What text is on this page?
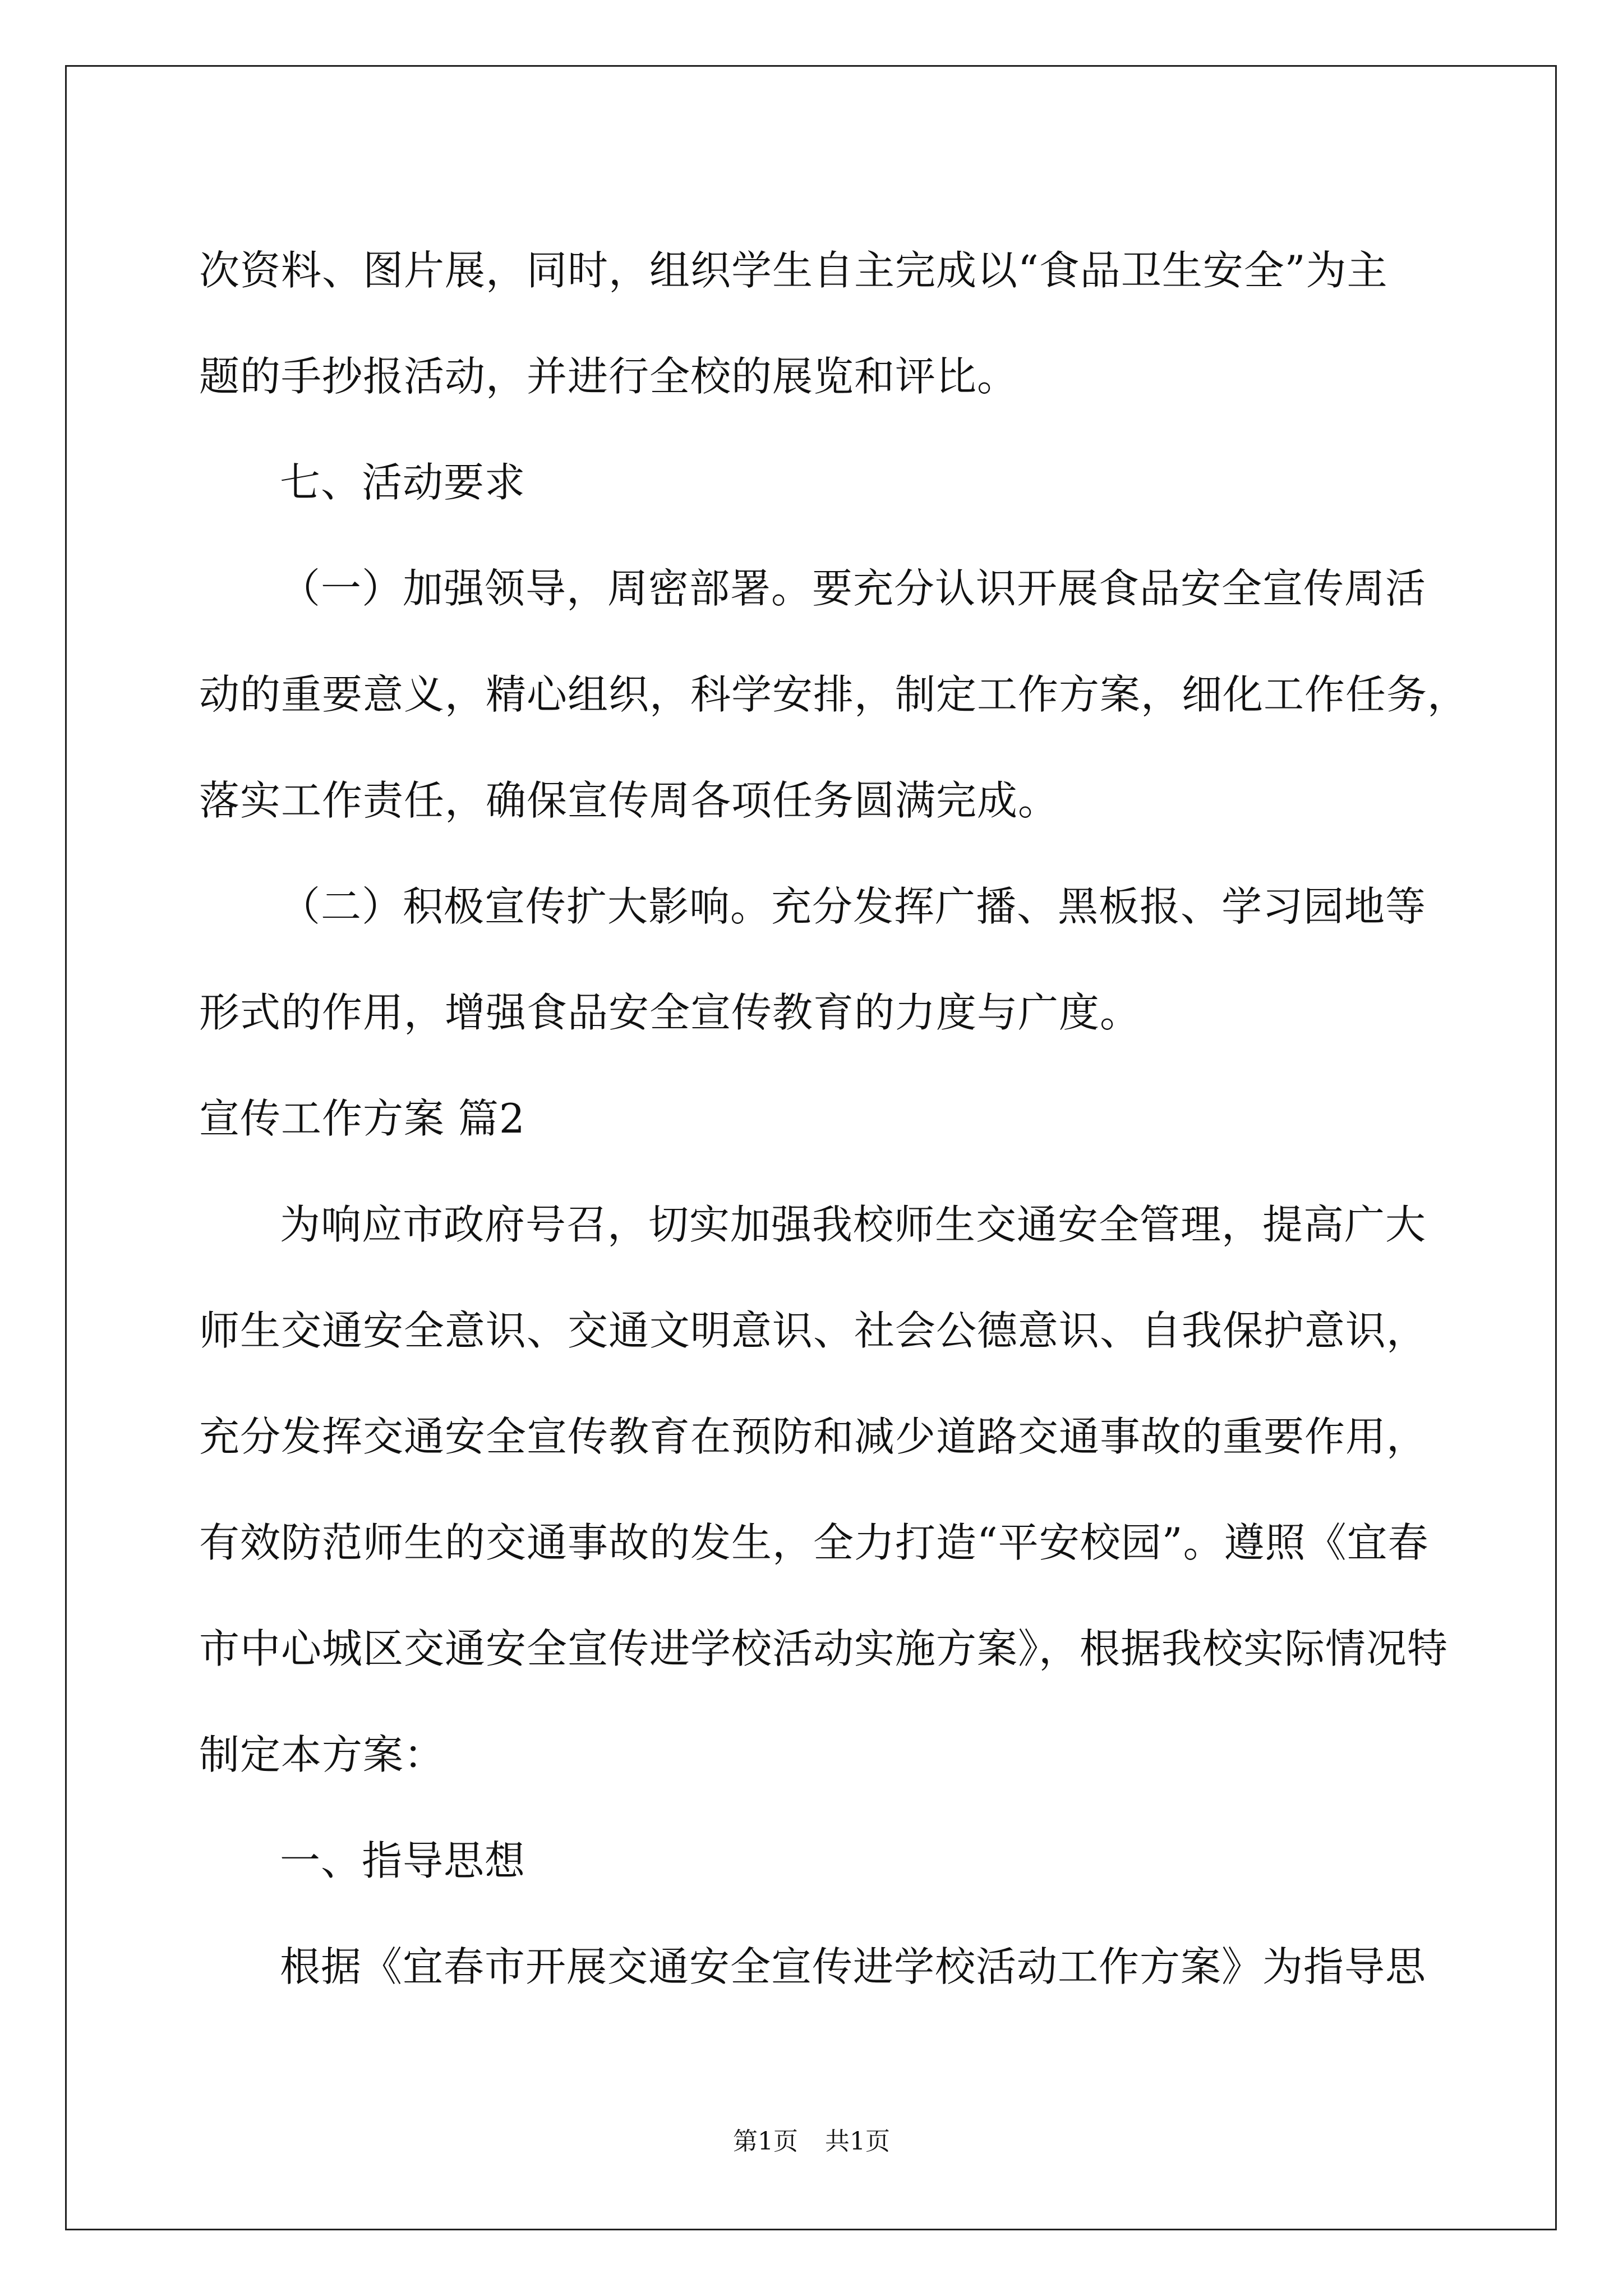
次资料、图片展，同时，组织学生自主完成以“食品卫生安全”为主
题的手抄报活动，并进行全校的展览和评比。
七、活动要求
（一）加强领导，周密部署。要充分认识开展食品安全宣传周活
动的重要意义，精心组织，科学安排，制定工作方案，细化工作任务，
落实工作责任，确保宣传周各项任务圆满完成。
（二）积极宣传扩大影响。充分发挥广播、黑板报、学习园地等
形式的作用，增强食品安全宣传教育的力度与广度。
宣传工作方案 篇2
为响应市政府号召，切实加强我校师生交通安全管理，提高广大
师生交通安全意识、交通文明意识、社会公德意识、自我保护意识，
充分发挥交通安全宣传教育在预防和减少道路交通事故的重要作用，
有效防范师生的交通事故的发生，全力打造“平安校园”。遵照《宜春
市中心城区交通安全宣传进学校活动实施方案》，根据我校实际情况特
制定本方案：
一、指导思想
根据《宜春市开展交通安全宣传进学校活动工作方案》为指导思
第1页 共1页
